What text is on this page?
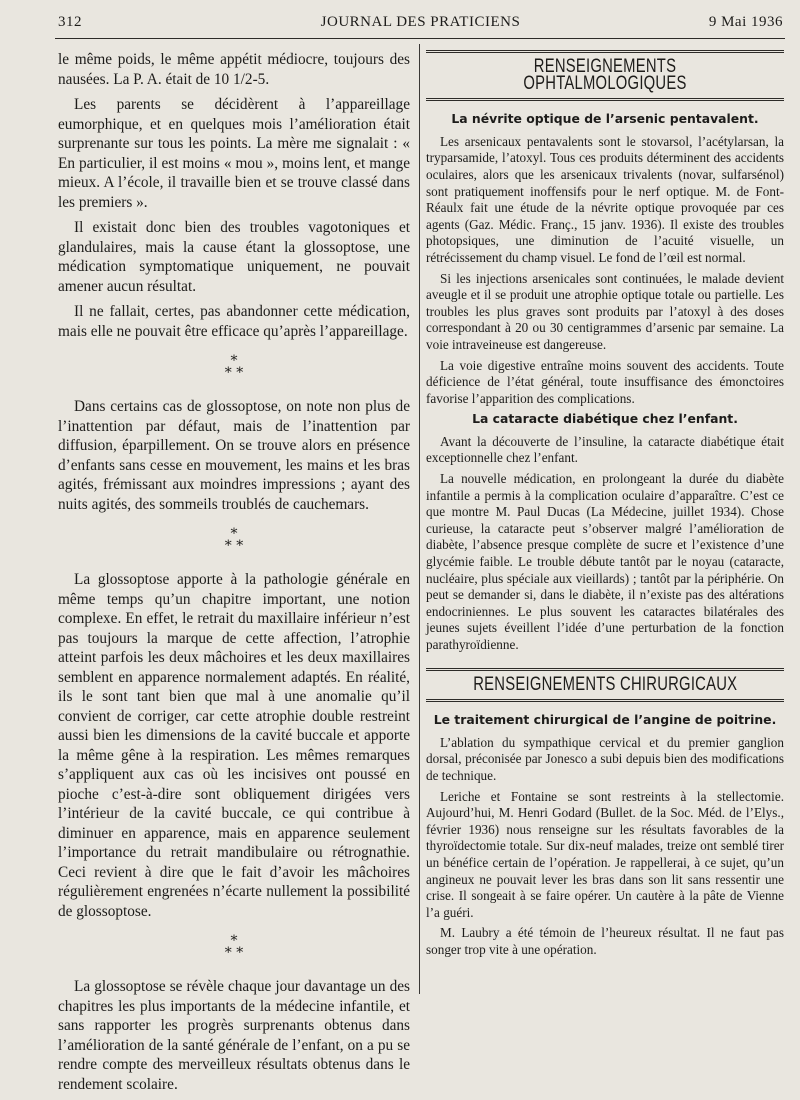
312	JOURNAL DES PRATICIENS	9 Mai 1936

le même poids, le même appétit médiocre, toujours des nausées. La P. A. était de 10 1/2-5.

Les parents se décidèrent à l’appareillage eumorphique, et en quelques mois l’amélioration était surprenante sur tous les points. La mère me signalait : « En particulier, il est moins « mou », moins lent, et mange mieux. A l’école, il travaille bien et se trouve classé dans les premiers ».

Il existait donc bien des troubles vagotoniques et glandulaires, mais la cause étant la glossoptose, une médication symptomatique uniquement, ne pouvait amener aucun résultat.

Il ne fallait, certes, pas abandonner cette médication, mais elle ne pouvait être efficace qu’après l’appareillage.

*
* *

Dans certains cas de glossoptose, on note non plus de l’inattention par défaut, mais de l’inattention par diffusion, éparpillement. On se trouve alors en présence d’enfants sans cesse en mouvement, les mains et les bras agités, frémissant aux moindres impressions ; ayant des nuits agités, des sommeils troublés de cauchemars.

*
* *

La glossoptose apporte à la pathologie générale en même temps qu’un chapitre important, une notion complexe. En effet, le retrait du maxillaire inférieur n’est pas toujours la marque de cette affection, l’atrophie atteint parfois les deux mâchoires et les deux maxillaires semblent en apparence normalement adaptés. En réalité, ils le sont tant bien que mal à une anomalie qu’il convient de corriger, car cette atrophie double restreint aussi bien les dimensions de la cavité buccale et apporte la même gêne à la respiration. Les mêmes remarques s’appliquent aux cas où les incisives ont poussé en pioche c’est-à-dire sont obliquement dirigées vers l’intérieur de la cavité buccale, ce qui contribue à diminuer en apparence, mais en apparence seulement l’importance du retrait mandibulaire ou rétrognathie. Ceci revient à dire que le fait d’avoir les mâchoires régulièrement engrenées n’écarte nullement la possibilité de glossoptose.

*
* *

La glossoptose se révèle chaque jour davantage un des chapitres les plus importants de la médecine infantile, et sans rapporter les progrès surprenants obtenus dans l’amélioration de la santé générale de l’enfant, on a pu se rendre compte des merveilleux résultats obtenus dans le rendement scolaire.

RENSEIGNEMENTS OPHTALMOLOGIQUES
La névrite optique de l’arsenic pentavalent.

Les arsenicaux pentavalents sont le stovarsol, l’acétylarsan, la tryparsamide, l’atoxyl. Tous ces produits déterminent des accidents oculaires, alors que les arsenicaux trivalents (novar, sulfarsénol) sont pratiquement inoffensifs pour le nerf optique. M. de Font-Réaulx fait une étude de la névrite optique provoquée par ces agents (Gaz. Médic. Franç., 15 janv. 1936). Il existe des troubles photopsiques, une diminution de l’acuité visuelle, un rétrécissement du champ visuel. Le fond de l’œil est normal.

Si les injections arsenicales sont continuées, le malade devient aveugle et il se produit une atrophie optique totale ou partielle. Les troubles les plus graves sont produits par l’atoxyl à des doses correspondant à 20 ou 30 centigrammes d’arsenic par semaine. La voie intraveineuse est dangereuse.

La voie digestive entraîne moins souvent des accidents. Toute déficience de l’état général, toute insuffisance des émonctoires favorise l’apparition des complications.

La cataracte diabétique chez l’enfant.

Avant la découverte de l’insuline, la cataracte diabétique était exceptionnelle chez l’enfant.

La nouvelle médication, en prolongeant la durée du diabète infantile a permis à la complication oculaire d’apparaître. C’est ce que montre M. Paul Ducas (La Médecine, juillet 1934). Chose curieuse, la cataracte peut s’observer malgré l’amélioration de diabète, l’absence presque complète de sucre et l’existence d’une glycémie faible. Le trouble débute tantôt par le noyau (cataracte, nucléaire, plus spéciale aux vieillards) ; tantôt par la périphérie. On peut se demander si, dans le diabète, il n’existe pas des altérations endocriniennes. Le plus souvent les cataractes bilatérales des jeunes sujets éveillent l’idée d’une perturbation de la fonction parathyroïdienne.

RENSEIGNEMENTS CHIRURGICAUX
Le traitement chirurgical de l’angine de poitrine.

L’ablation du sympathique cervical et du premier ganglion dorsal, préconisée par Jonesco a subi depuis bien des modifications de technique.

Leriche et Fontaine se sont restreints à la stellectomie. Aujourd’hui, M. Henri Godard (Bullet. de la Soc. Méd. de l’Elys., février 1936) nous renseigne sur les résultats favorables de la thyroïdectomie totale. Sur dix-neuf malades, treize ont semblé tirer un bénéfice certain de l’opération. Je rappellerai, à ce sujet, qu’un angineux ne pouvait lever les bras dans son lit sans ressentir une crise. Il songeait à se faire opérer. Un cautère à la pâte de Vienne l’a guéri.

M. Laubry a été témoin de l’heureux résultat. Il ne faut pas songer trop vite à une opération.
